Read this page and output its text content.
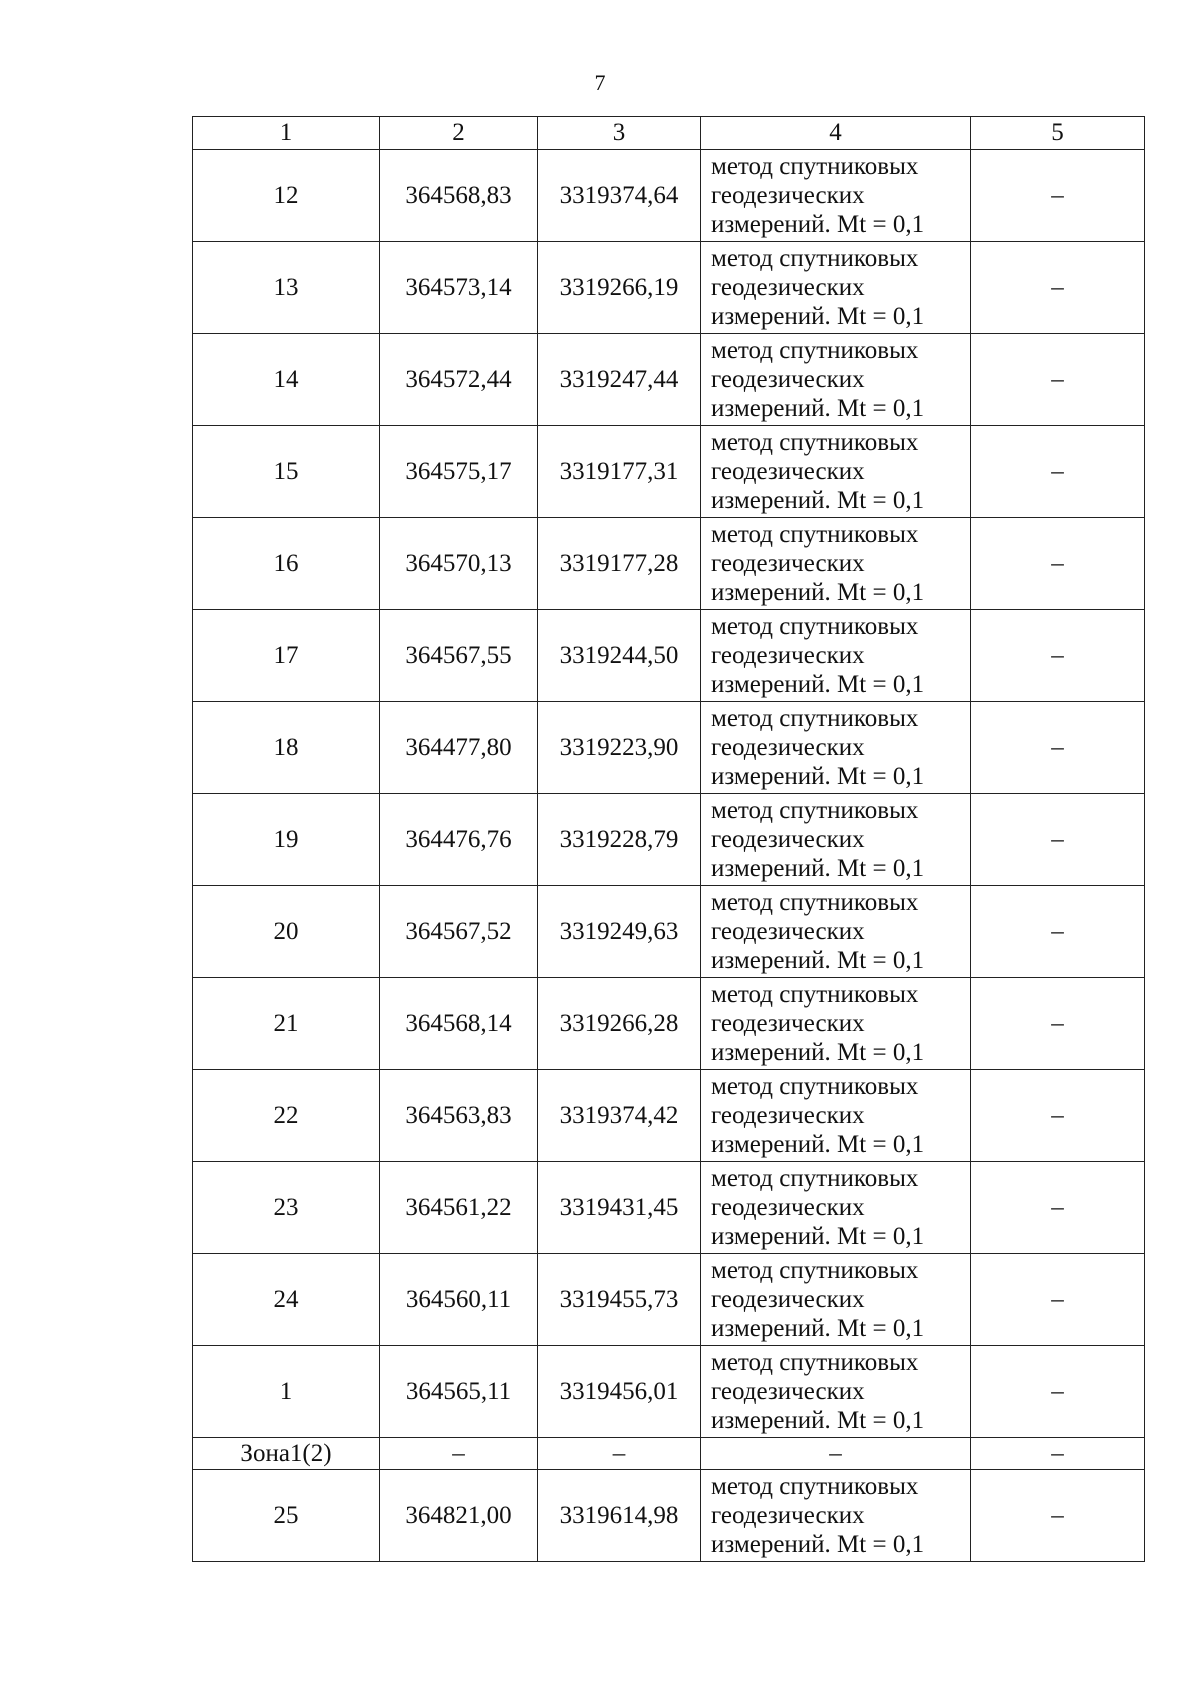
7
1	2	3	4	5
12	364568,83	3319374,64	метод спутниковых
геодезических
измерений. Mt = 0,1	–
13	364573,14	3319266,19	метод спутниковых
геодезических
измерений. Mt = 0,1	–
14	364572,44	3319247,44	метод спутниковых
геодезических
измерений. Mt = 0,1	–
15	364575,17	3319177,31	метод спутниковых
геодезических
измерений. Mt = 0,1	–
16	364570,13	3319177,28	метод спутниковых
геодезических
измерений. Mt = 0,1	–
17	364567,55	3319244,50	метод спутниковых
геодезических
измерений. Mt = 0,1	–
18	364477,80	3319223,90	метод спутниковых
геодезических
измерений. Mt = 0,1	–
19	364476,76	3319228,79	метод спутниковых
геодезических
измерений. Mt = 0,1	–
20	364567,52	3319249,63	метод спутниковых
геодезических
измерений. Mt = 0,1	–
21	364568,14	3319266,28	метод спутниковых
геодезических
измерений. Mt = 0,1	–
22	364563,83	3319374,42	метод спутниковых
геодезических
измерений. Mt = 0,1	–
23	364561,22	3319431,45	метод спутниковых
геодезических
измерений. Mt = 0,1	–
24	364560,11	3319455,73	метод спутниковых
геодезических
измерений. Mt = 0,1	–
1	364565,11	3319456,01	метод спутниковых
геодезических
измерений. Mt = 0,1	–
Зона1(2)	–	–	–	–
25	364821,00	3319614,98	метод спутниковых
геодезических
измерений. Mt = 0,1	–
